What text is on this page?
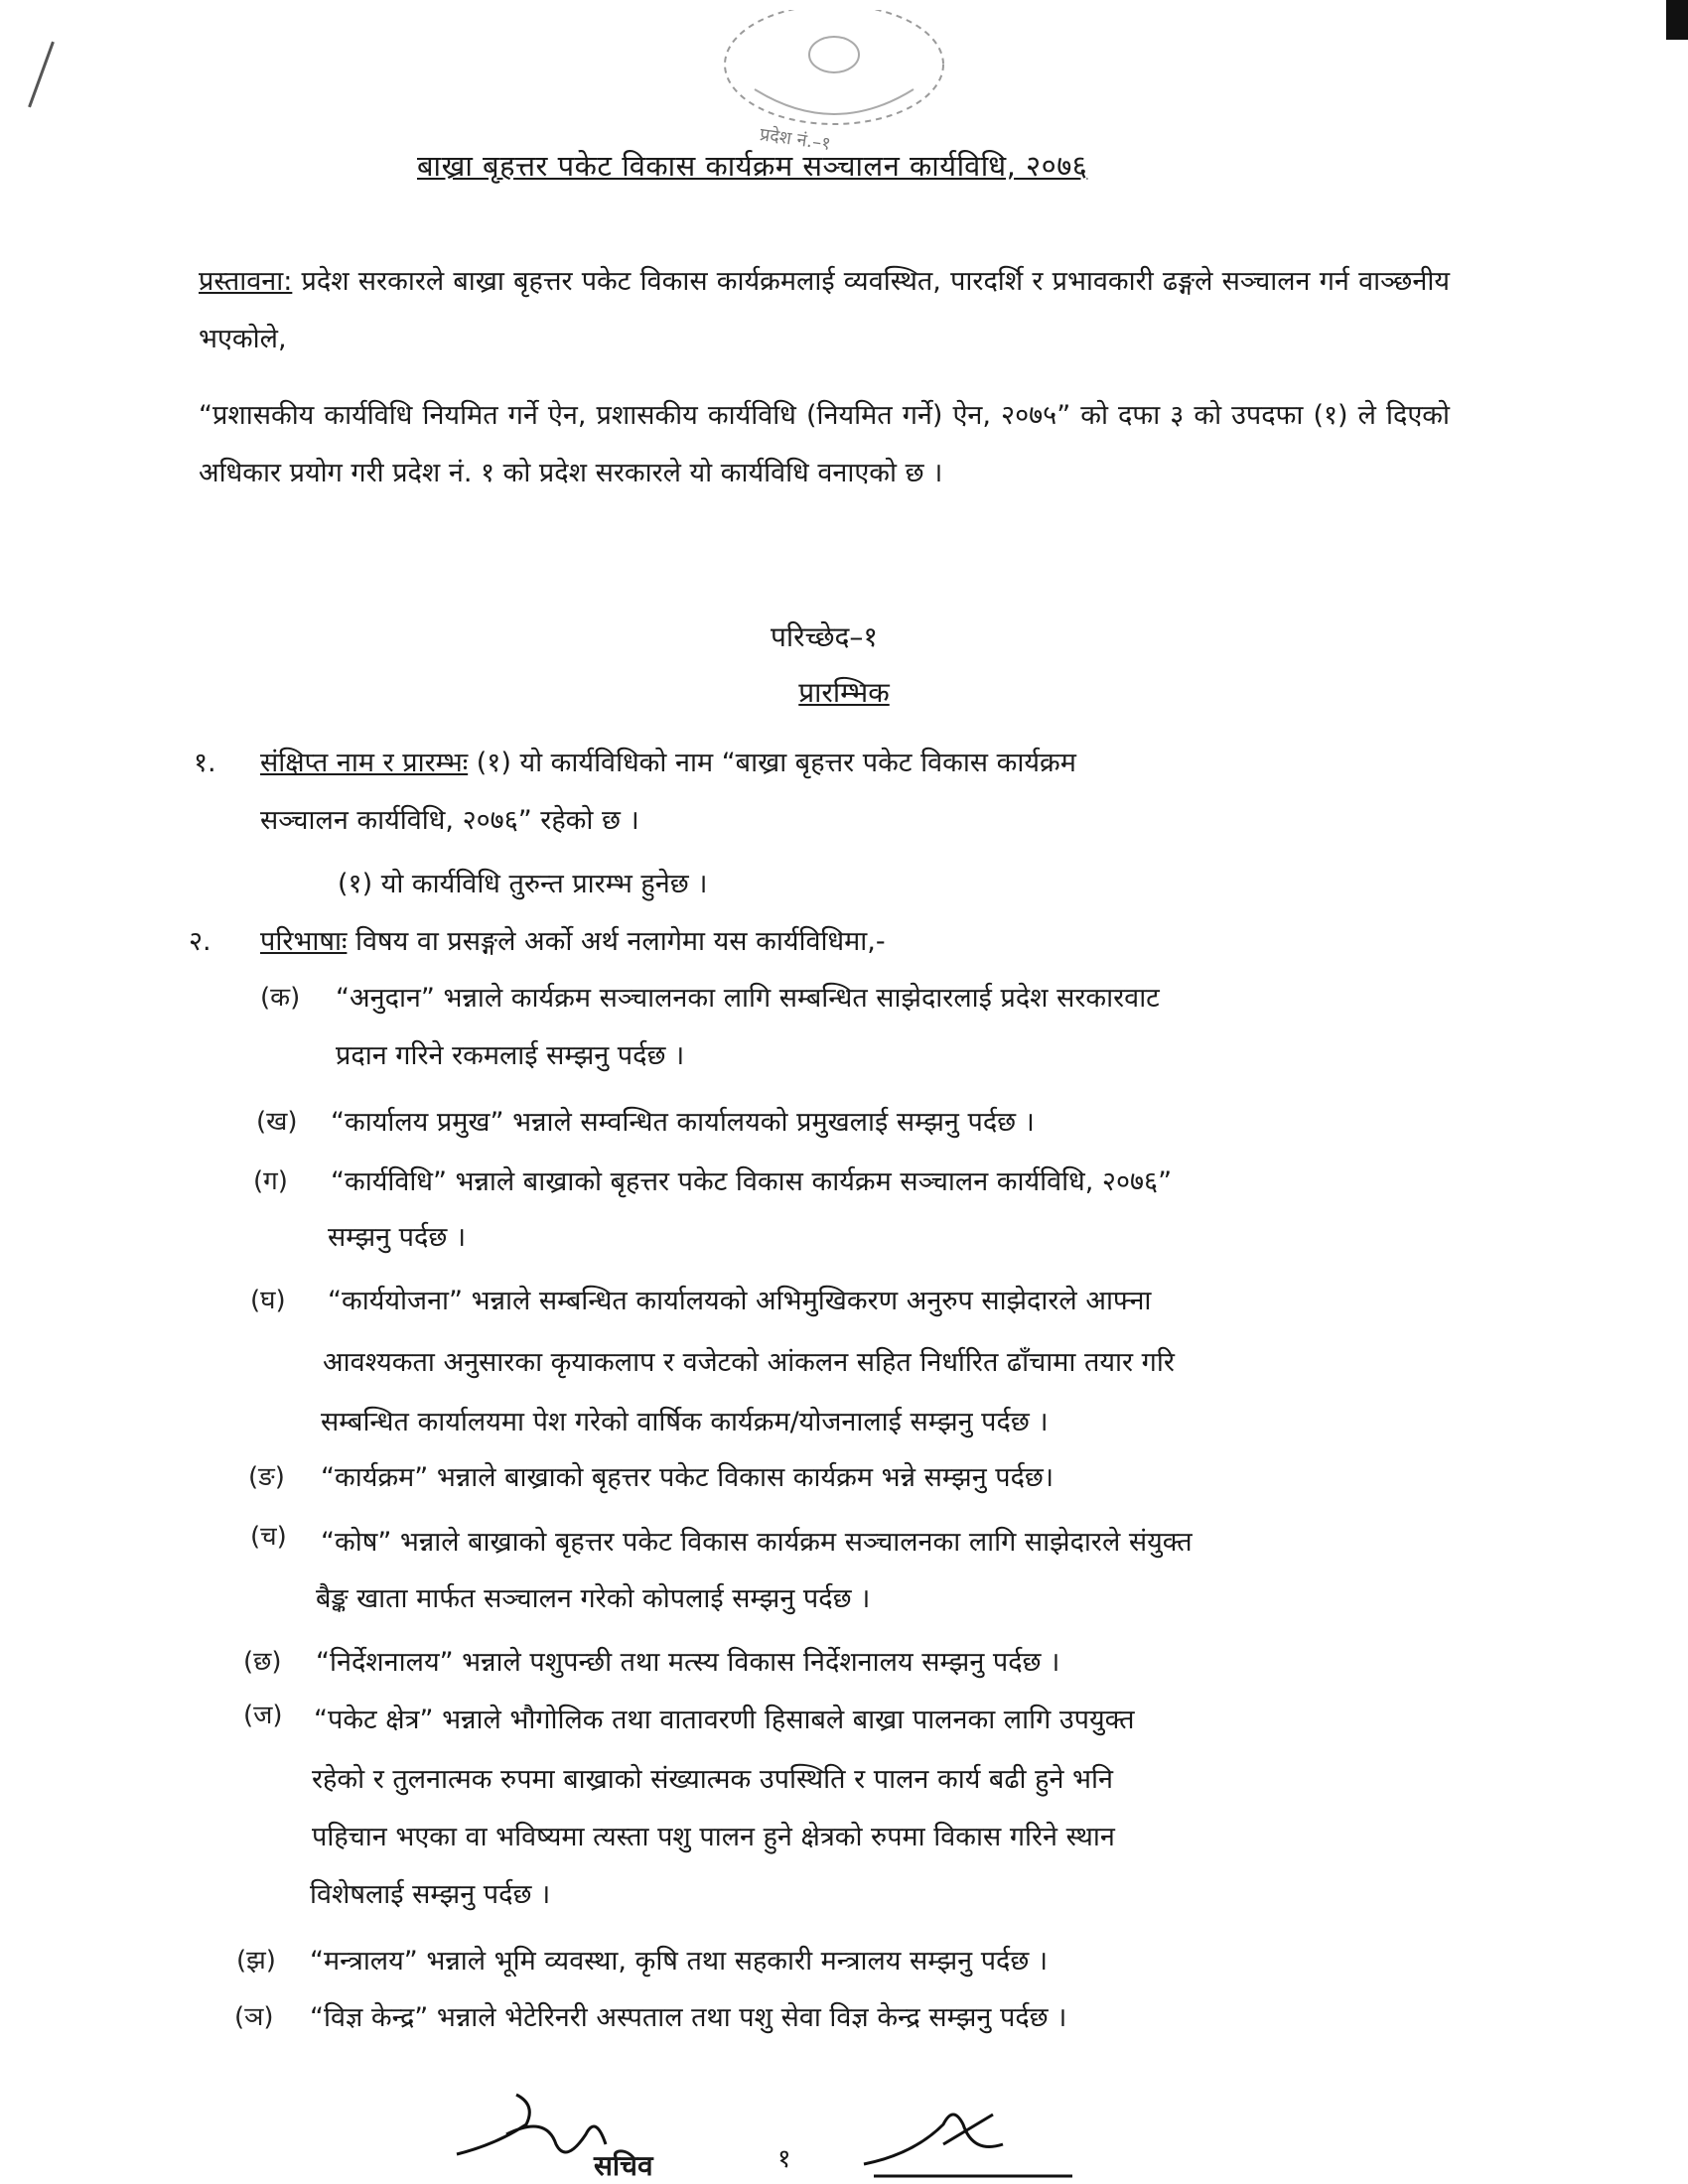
प्रदेश नं.–१
बाख्रा बृहत्तर पकेट विकास कार्यक्रम सञ्चालन कार्यविधि, २०७६
प्रस्तावना: प्रदेश सरकारले बाख्रा बृहत्तर पकेट विकास कार्यक्रमलाई व्यवस्थित, पारदर्शि र प्रभावकारी ढङ्गले सञ्चालन गर्न वाञ्छनीय भएकोले,
“प्रशासकीय कार्यविधि नियमित गर्ने ऐन, प्रशासकीय कार्यविधि (नियमित गर्ने) ऐन, २०७५” को दफा ३ को उपदफा (१) ले दिएको अधिकार प्रयोग गरी प्रदेश नं. १ को प्रदेश सरकारले यो कार्यविधि वनाएको छ ।
परिच्छेद–१
प्रारम्भिक
१. संक्षिप्त नाम र प्रारम्भः (१) यो कार्यविधिको नाम “बाख्रा बृहत्तर पकेट विकास कार्यक्रम
सञ्चालन कार्यविधि, २०७६” रहेको छ ।
(१) यो कार्यविधि तुरुन्त प्रारम्भ हुनेछ ।
२. परिभाषाः विषय वा प्रसङ्गले अर्को अर्थ नलागेमा यस कार्यविधिमा,-
(क) “अनुदान” भन्नाले कार्यक्रम सञ्चालनका लागि सम्बन्धित साझेदारलाई प्रदेश सरकारवाट
प्रदान गरिने रकमलाई सम्झनु पर्दछ ।
(ख) “कार्यालय प्रमुख” भन्नाले सम्वन्धित कार्यालयको प्रमुखलाई सम्झनु पर्दछ ।
(ग) “कार्यविधि” भन्नाले बाख्राको बृहत्तर पकेट विकास कार्यक्रम सञ्चालन कार्यविधि, २०७६”
सम्झनु पर्दछ ।
(घ) “कार्ययोजना” भन्नाले सम्बन्धित कार्यालयको अभिमुखिकरण अनुरुप साझेदारले आफ्ना
आवश्यकता अनुसारका कृयाकलाप र वजेटको आंकलन सहित निर्धारित ढाँचामा तयार गरि
सम्बन्धित कार्यालयमा पेश गरेको वार्षिक कार्यक्रम/योजनालाई सम्झनु पर्दछ ।
(ङ) “कार्यक्रम” भन्नाले बाख्राको बृहत्तर पकेट विकास कार्यक्रम भन्ने सम्झनु पर्दछ।
(च) “कोष” भन्नाले बाख्राको बृहत्तर पकेट विकास कार्यक्रम सञ्चालनका लागि साझेदारले संयुक्त
बैङ्क खाता मार्फत सञ्चालन गरेको कोपलाई सम्झनु पर्दछ ।
(छ) “निर्देशनालय” भन्नाले पशुपन्छी तथा मत्स्य विकास निर्देशनालय सम्झनु पर्दछ ।
(ज) “पकेट क्षेत्र” भन्नाले भौगोलिक तथा वातावरणी हिसाबले बाख्रा पालनका लागि उपयुक्त
रहेको र तुलनात्मक रुपमा बाख्राको संख्यात्मक उपस्थिति र पालन कार्य बढी हुने भनि
पहिचान भएका वा भविष्यमा त्यस्ता पशु पालन हुने क्षेत्रको रुपमा विकास गरिने स्थान
विशेषलाई सम्झनु पर्दछ ।
(झ) “मन्त्रालय” भन्नाले भूमि व्यवस्था, कृषि तथा सहकारी मन्त्रालय सम्झनु पर्दछ ।
(ञ) “विज्ञ केन्द्र” भन्नाले भेटेरिनरी अस्पताल तथा पशु सेवा विज्ञ केन्द्र सम्झनु पर्दछ ।
१
सचिव
